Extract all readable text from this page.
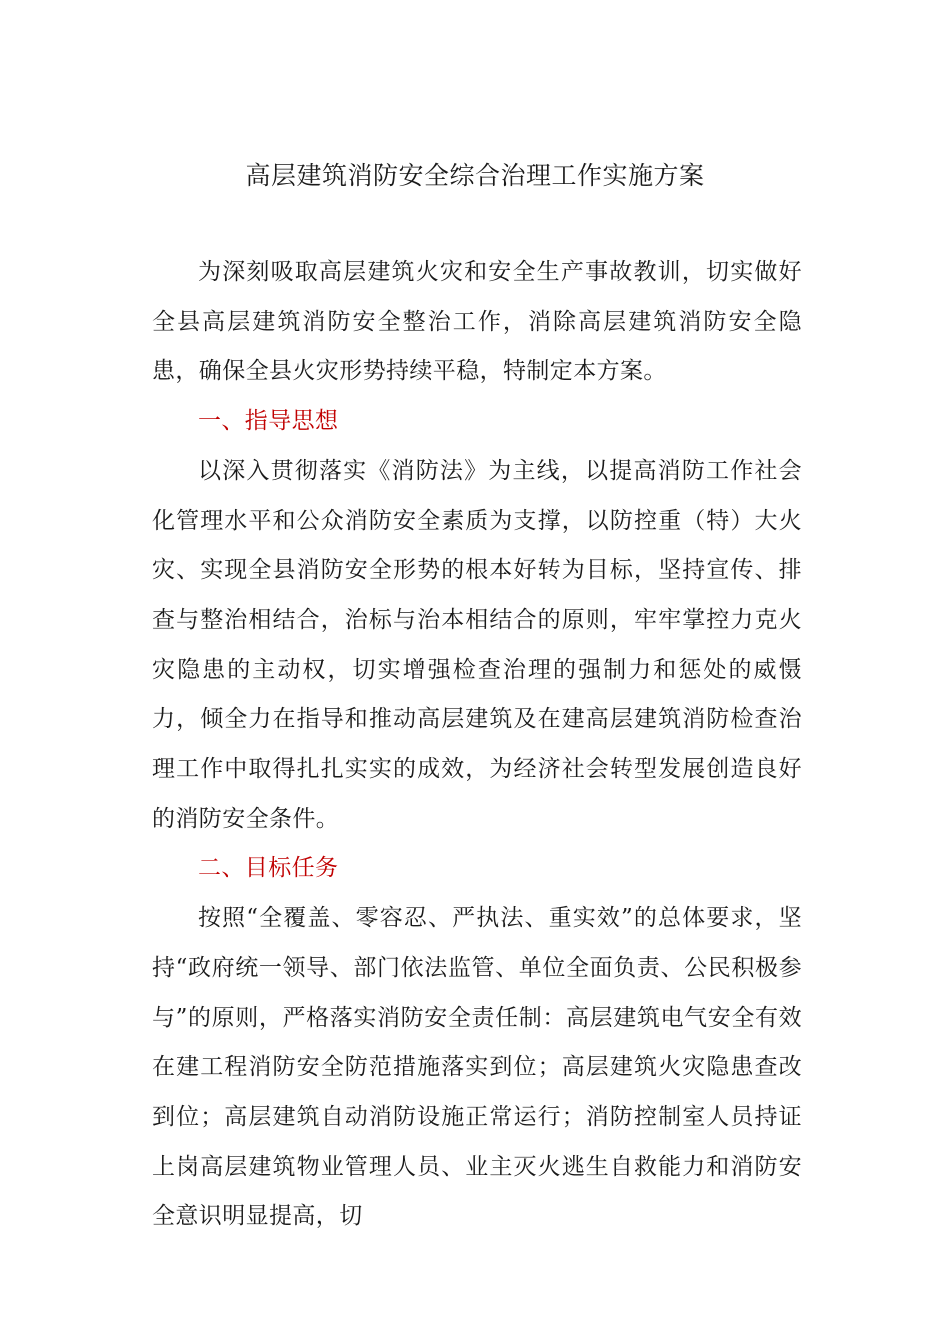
高层建筑消防安全综合治理工作实施方案

为深刻吸取高层建筑火灾和安全生产事故教训，切实做好全县高层建筑消防安全整治工作，消除高层建筑消防安全隐患，确保全县火灾形势持续平稳，特制定本方案。

一、指导思想

以深入贯彻落实《消防法》为主线，以提高消防工作社会化管理水平和公众消防安全素质为支撑，以防控重（特）大火灾、实现全县消防安全形势的根本好转为目标，坚持宣传、排查与整治相结合，治标与治本相结合的原则，牢牢掌控力克火灾隐患的主动权，切实增强检查治理的强制力和惩处的威慑力，倾全力在指导和推动高层建筑及在建高层建筑消防检查治理工作中取得扎扎实实的成效，为经济社会转型发展创造良好的消防安全条件。

二、目标任务

按照“全覆盖、零容忍、严执法、重实效”的总体要求，坚持“政府统一领导、部门依法监管、单位全面负责、公民积极参与”的原则，严格落实消防安全责任制：高层建筑电气安全有效在建工程消防安全防范措施落实到位；高层建筑火灾隐患查改到位；高层建筑自动消防设施正常运行；消防控制室人员持证上岗高层建筑物业管理人员、业主灭火逃生自救能力和消防安全意识明显提高，切
